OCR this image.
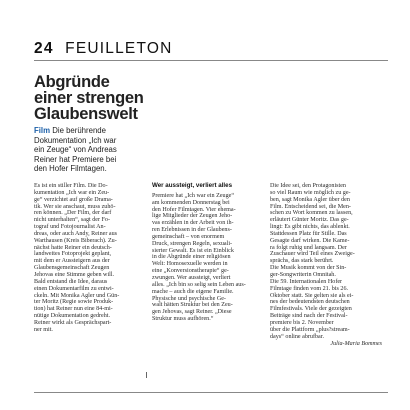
24 FEUILLETON
Abgründe
einer strengen
Glaubenswelt
Film Die berührende
Dokumentation „Ich war
ein Zeuge“ von Andreas
Reiner hat Premiere bei
den Hofer Filmtagen.
Es ist ein stiller Film. Die Do-
kumentation „Ich war ein Zeu-
ge“ verzichtet auf große Drama-
tik. Wer sie anschaut, muss zuhö-
ren können. „Der Film, der darf
nicht unterhalten“, sagt der Fo-
tograf und Fotojournalist An-
dreas, oder auch Andy, Reiner aus
Warthausen (Kreis Biberach). Zu-
nächst hatte Reiner ein deutsch-
landweites Fotoprojekt geplant,
mit dem er Aussteigern aus der
Glaubensgemeinschaft Zeugen
Jehovas eine Stimme geben will.
Bald entstand die Idee, daraus
einen Dokumentarfilm zu entwi-
ckeln. Mit Monika Agler und Gün-
ter Moritz (Regie sowie Produk-
tion) hat Reiner nun eine 84-mi-
nütige Dokumentation gedreht.
Reiner wirkt als Gesprächspart-
ner mit.
Wer aussteigt, verliert alles
Premiere hat „Ich war ein Zeuge“
am kommenden Donnerstag bei
den Hofer Filmtagen. Vier ehema-
lige Mitglieder der Zeugen Jeho-
vas erzählen in der Arbeit von ih-
ren Erlebnissen in der Glaubens-
gemeinschaft – von enormem
Druck, strengen Regeln, sexuali-
sierter Gewalt. Es ist ein Einblick
in die Abgründe einer religiösen
Welt: Homosexuelle werden in
eine „Konversionstherapie“ ge-
zwungen. Wer aussteigt, verliert
alles. „Ich bin so selig sein Leben aus-
mache – auch die eigene Familie.
Physische und psychische Ge-
walt hätten Struktur bei den Zeu-
gen Jehovas, sagt Reiner. „Diese
Struktur muss aufhören.“
Die Idee sei, den Protagonisten
so viel Raum wie möglich zu ge-
ben, sagt Monika Agler über den
Film. Entscheidend sei, die Men-
schen zu Wort kommen zu lassen,
erläutert Günter Moritz. Das ge-
lingt: Es gibt nichts, das ablenkt.
Stattdessen Platz für Stille. Das
Gesagte darf wirken. Die Kame-
ra folgt ruhig und langsam. Der
Zuschauer wird Teil eines Zweige-
sprächs, das stark berührt.
Die Musik kommt von der Sin-
ger-Songwriterin Omnitah.
Die 59. Internationalen Hofer
Filmtage finden vom 21. bis 26.
Oktober statt. Sie gelten sie als ei-
nes der bedeutendsten deutschen
Filmfestivals. Viele der gezeigten
Beiträge sind nach der Festival-
premiere bis 2. November
über die Plattform „plus?stream-
days“ online abrufbar.
Julia-Maria Bommes
